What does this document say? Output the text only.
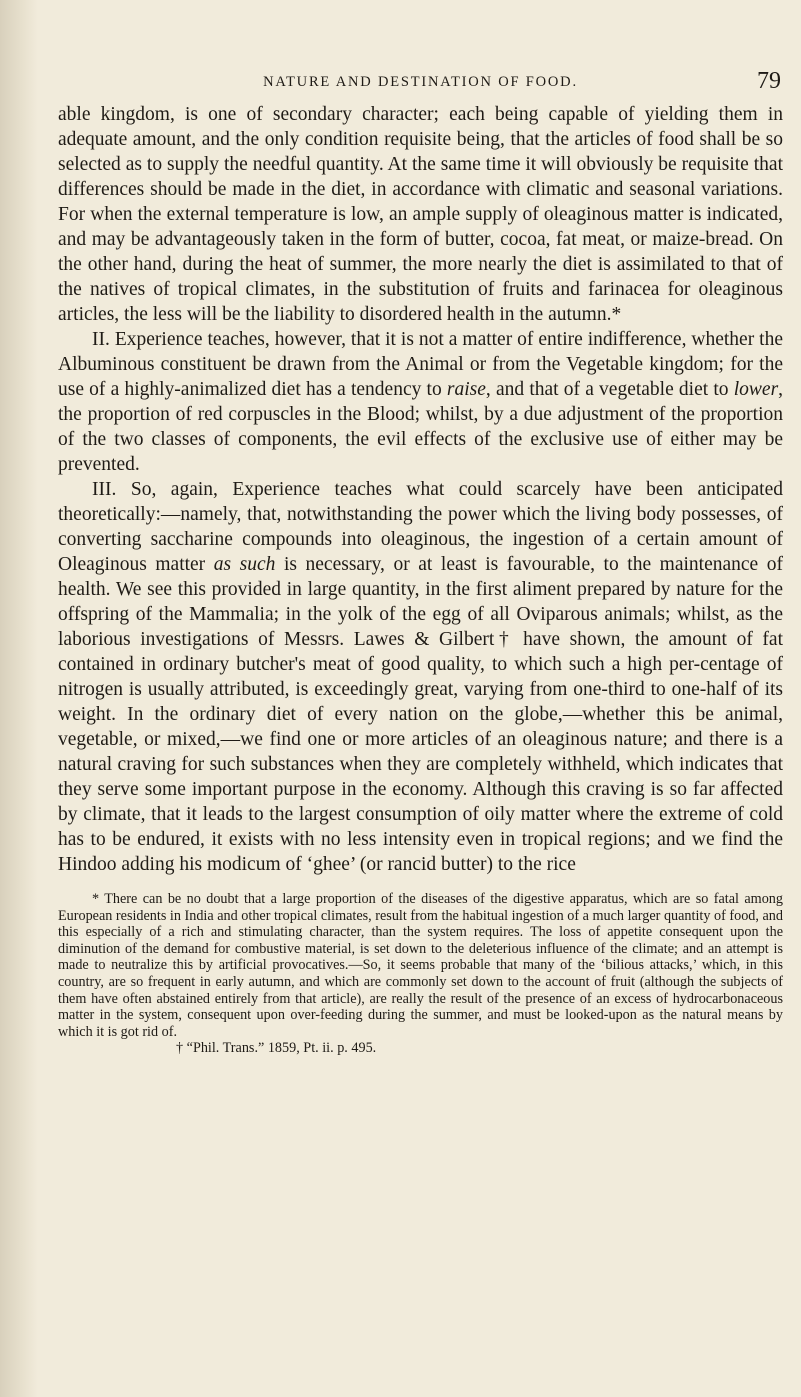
NATURE AND DESTINATION OF FOOD.	79

able kingdom, is one of secondary character; each being capable of yielding them in adequate amount, and the only condition requisite being, that the articles of food shall be so selected as to supply the needful quantity. At the same time it will obviously be requisite that differences should be made in the diet, in accordance with climatic and seasonal variations. For when the external temperature is low, an ample supply of oleaginous matter is indicated, and may be advantageously taken in the form of butter, cocoa, fat meat, or maize-bread. On the other hand, during the heat of summer, the more nearly the diet is assimilated to that of the natives of tropical climates, in the substitution of fruits and farinacea for oleaginous articles, the less will be the liability to disordered health in the autumn.*

II. Experience teaches, however, that it is not a matter of entire indifference, whether the Albuminous constituent be drawn from the Animal or from the Vegetable kingdom; for the use of a highly-animalized diet has a tendency to raise, and that of a vegetable diet to lower, the proportion of red corpuscles in the Blood; whilst, by a due adjustment of the proportion of the two classes of components, the evil effects of the exclusive use of either may be prevented.

III. So, again, Experience teaches what could scarcely have been anticipated theoretically:—namely, that, notwithstanding the power which the living body possesses, of converting saccharine compounds into oleaginous, the ingestion of a certain amount of Oleaginous matter as such is necessary, or at least is favourable, to the maintenance of health. We see this provided in large quantity, in the first aliment prepared by nature for the offspring of the Mammalia; in the yolk of the egg of all Oviparous animals; whilst, as the laborious investigations of Messrs. Lawes & Gilbert† have shown, the amount of fat contained in ordinary butcher's meat of good quality, to which such a high per-centage of nitrogen is usually attributed, is exceedingly great, varying from one-third to one-half of its weight. In the ordinary diet of every nation on the globe,—whether this be animal, vegetable, or mixed,—we find one or more articles of an oleaginous nature; and there is a natural craving for such substances when they are completely withheld, which indicates that they serve some important purpose in the economy. Although this craving is so far affected by climate, that it leads to the largest consumption of oily matter where the extreme of cold has to be endured, it exists with no less intensity even in tropical regions; and we find the Hindoo adding his modicum of ‘ghee’ (or rancid butter) to the rice

* There can be no doubt that a large proportion of the diseases of the digestive apparatus, which are so fatal among European residents in India and other tropical climates, result from the habitual ingestion of a much larger quantity of food, and this especially of a rich and stimulating character, than the system requires. The loss of appetite consequent upon the diminution of the demand for combustive material, is set down to the deleterious influence of the climate; and an attempt is made to neutralize this by artificial provocatives.—So, it seems probable that many of the ‘bilious attacks,’ which, in this country, are so frequent in early autumn, and which are commonly set down to the account of fruit (although the subjects of them have often abstained entirely from that article), are really the result of the presence of an excess of hydrocarbonaceous matter in the system, consequent upon over-feeding during the summer, and must be looked-upon as the natural means by which it is got rid of.

† “Phil. Trans.” 1859, Pt. ii. p. 495.
